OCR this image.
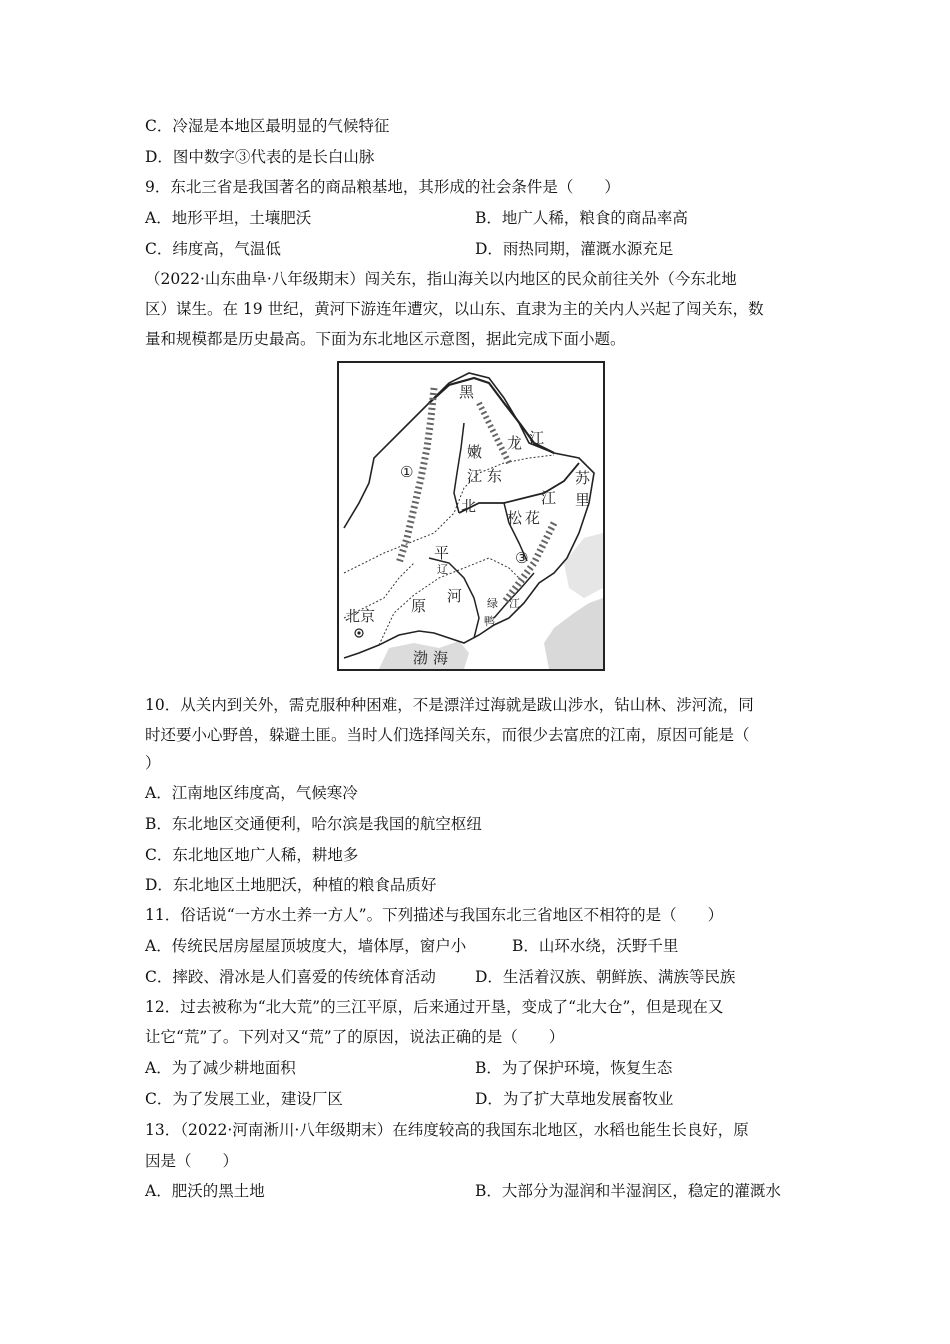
C．冷湿是本地区最明显的气候特征
D．图中数字③代表的是长白山脉
9．东北三省是我国著名的商品粮基地，其形成的社会条件是（　　）
A．地形平坦，土壤肥沃	B．地广人稀，粮食的商品率高
C．纬度高，气温低	D．雨热同期，灌溉水源充足
（2022·山东曲阜·八年级期末）闯关东，指山海关以内地区的民众前往关外（今东北地
区）谋生。在 19 世纪，黄河下游连年遭灾，以山东、直隶为主的关内人兴起了闯关东，数
量和规模都是历史最高。下面为东北地区示意图，据此完成下面小题。
黑
龙 江
嫩
江 东
北	江
松 花
苏
里
平
辽
河
原	绿 江
鸭
北京
渤 海
①
③
10．从关内到关外，需克服种种困难，不是漂洋过海就是跋山涉水，钻山林、涉河流，同
时还要小心野兽，躲避土匪。当时人们选择闯关东，而很少去富庶的江南，原因可能是（
）
A．江南地区纬度高，气候寒冷
B．东北地区交通便利，哈尔滨是我国的航空枢纽
C．东北地区地广人稀，耕地多
D．东北地区土地肥沃，种植的粮食品质好
11．俗话说“一方水土养一方人”。下列描述与我国东北三省地区不相符的是（　　）
A．传统民居房屋屋顶坡度大，墙体厚，窗户小	B．山环水绕，沃野千里
C．摔跤、滑冰是人们喜爱的传统体育活动	D．生活着汉族、朝鲜族、满族等民族
12．过去被称为“北大荒”的三江平原，后来通过开垦，变成了“北大仓”，但是现在又
让它“荒”了。下列对又“荒”了的原因，说法正确的是（　　）
A．为了减少耕地面积	B．为了保护环境，恢复生态
C．为了发展工业，建设厂区	D．为了扩大草地发展畜牧业
13．（2022·河南淅川·八年级期末）在纬度较高的我国东北地区，水稻也能生长良好，原
因是（　　）
A．肥沃的黑土地	B．大部分为湿润和半湿润区，稳定的灌溉水
